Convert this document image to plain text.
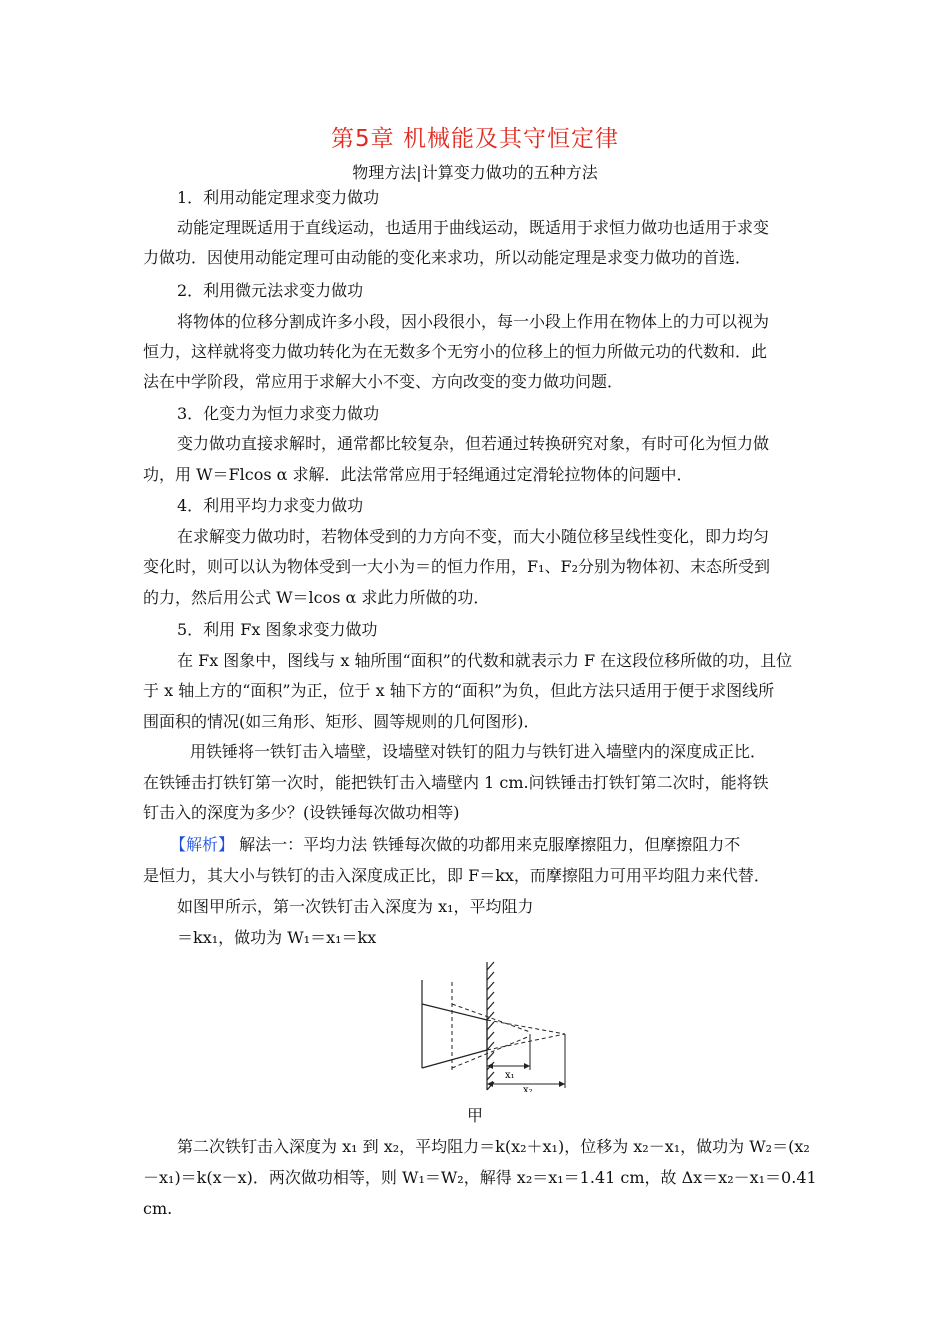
第5章 机械能及其守恒定律
物理方法|计算变力做功的五种方法
1．利用动能定理求变力做功
动能定理既适用于直线运动，也适用于曲线运动，既适用于求恒力做功也适用于求变
力做功．因使用动能定理可由动能的变化来求功，所以动能定理是求变力做功的首选．
2．利用微元法求变力做功
将物体的位移分割成许多小段，因小段很小，每一小段上作用在物体上的力可以视为
恒力，这样就将变力做功转化为在无数多个无穷小的位移上的恒力所做元功的代数和．此
法在中学阶段，常应用于求解大小不变、方向改变的变力做功问题．
3．化变力为恒力求变力做功
变力做功直接求解时，通常都比较复杂，但若通过转换研究对象，有时可化为恒力做
功，用 W＝Flcos α 求解．此法常常应用于轻绳通过定滑轮拉物体的问题中．
4．利用平均力求变力做功
在求解变力做功时，若物体受到的力方向不变，而大小随位移呈线性变化，即力均匀
变化时，则可以认为物体受到一大小为＝的恒力作用，F₁、F₂分别为物体初、末态所受到
的力，然后用公式 W＝lcos α 求此力所做的功．
5．利用 Fx 图象求变力做功
在 Fx 图象中，图线与 x 轴所围“面积”的代数和就表示力 F 在这段位移所做的功，且位
于 x 轴上方的“面积”为正，位于 x 轴下方的“面积”为负，但此方法只适用于便于求图线所
围面积的情况(如三角形、矩形、圆等规则的几何图形)．
用铁锤将一铁钉击入墙壁，设墙壁对铁钉的阻力与铁钉进入墙壁内的深度成正比．
在铁锤击打铁钉第一次时，能把铁钉击入墙壁内 1 cm.问铁锤击打铁钉第二次时，能将铁
钉击入的深度为多少？(设铁锤每次做功相等)
【解析】 解法一：平均力法 铁锤每次做的功都用来克服摩擦阻力，但摩擦阻力不
是恒力，其大小与铁钉的击入深度成正比，即 F＝kx，而摩擦阻力可用平均阻力来代替．
如图甲所示，第一次铁钉击入深度为 x₁，平均阻力
＝kx₁，做功为 W₁＝x₁＝kx
x₁
x₂
甲
第二次铁钉击入深度为 x₁ 到 x₂，平均阻力＝k(x₂＋x₁)，位移为 x₂－x₁，做功为 W₂＝(x₂
－x₁)＝k(x－x)．两次做功相等，则 W₁＝W₂，解得 x₂＝x₁＝1.41 cm，故 Δx＝x₂－x₁＝0.41
cm.
